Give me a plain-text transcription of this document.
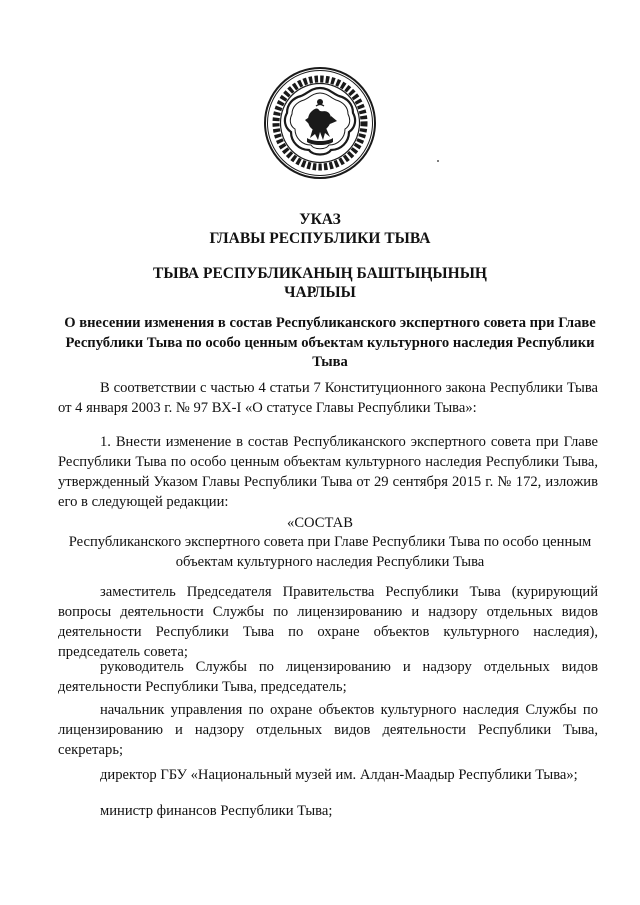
УКАЗ

ГЛАВЫ РЕСПУБЛИКИ ТЫВА

ТЫВА РЕСПУБЛИКАНЫҢ БАШТЫҢЫНЫҢ

ЧАРЛЫЫ

О внесении изменения в состав Республиканского экспертного совета при Главе Республики Тыва по особо ценным объектам культурного наследия Республики Тыва

В соответствии с частью 4 статьи 7 Конституционного закона Республики Тыва от 4 января 2003 г. № 97 ВХ-I «О статусе Главы Республики Тыва»:

1. Внести изменение в состав Республиканского экспертного совета при Главе Республики Тыва по особо ценным объектам культурного наследия Республики Тыва, утвержденный Указом Главы Республики Тыва от 29 сентября 2015 г. № 172, изложив его в следующей редакции:

«СОСТАВ

Республиканского экспертного совета при Главе Республики Тыва по особо ценным объектам культурного наследия Республики Тыва

заместитель Председателя Правительства Республики Тыва (курирующий вопросы деятельности Службы по лицензированию и надзору отдельных видов деятельности Республики Тыва по охране объектов культурного наследия), председатель совета;

руководитель Службы по лицензированию и надзору отдельных видов деятельности Республики Тыва, председатель;

начальник управления по охране объектов культурного наследия Службы по лицензированию и надзору отдельных видов деятельности Республики Тыва, секретарь;

директор ГБУ «Национальный музей им. Алдан-Маадыр Республики Тыва»;

министр финансов Республики Тыва;
